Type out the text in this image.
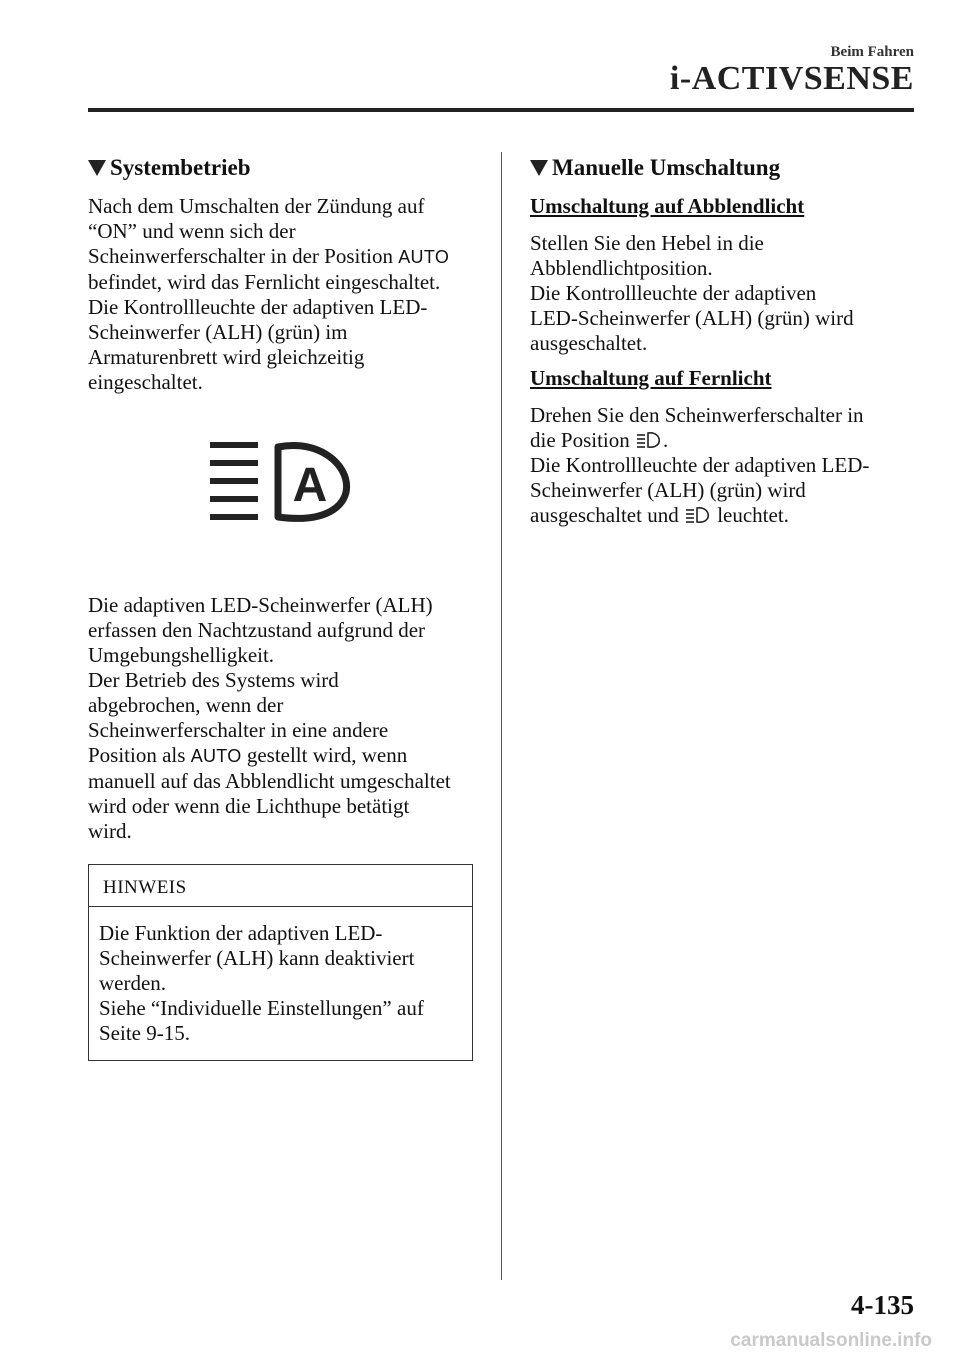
Beim Fahren
i-ACTIVSENSE
Systembetrieb

Nach dem Umschalten der Zündung auf
“ON” und wenn sich der
Scheinwerferschalter in der Position AUTO
befindet, wird das Fernlicht eingeschaltet.
Die Kontrollleuchte der adaptiven LED-
Scheinwerfer (ALH) (grün) im
Armaturenbrett wird gleichzeitig
eingeschaltet.

A

Die adaptiven LED-Scheinwerfer (ALH)
erfassen den Nachtzustand aufgrund der
Umgebungshelligkeit.
Der Betrieb des Systems wird
abgebrochen, wenn der
Scheinwerferschalter in eine andere
Position als AUTO gestellt wird, wenn
manuell auf das Abblendlicht umgeschaltet
wird oder wenn die Lichthupe betätigt
wird.

HINWEIS
Die Funktion der adaptiven LED-
Scheinwerfer (ALH) kann deaktiviert
werden.
Siehe “Individuelle Einstellungen” auf
Seite 9-15.
Manuelle Umschaltung
Umschaltung auf Abblendlicht

Stellen Sie den Hebel in die
Abblendlichtposition.
Die Kontrollleuchte der adaptiven
LED-Scheinwerfer (ALH) (grün) wird
ausgeschaltet.

Umschaltung auf Fernlicht

Drehen Sie den Scheinwerferschalter in
die Position .
Die Kontrollleuchte der adaptiven LED-
Scheinwerfer (ALH) (grün) wird
ausgeschaltet und leuchtet.

4-135
carmanualsonline.info
